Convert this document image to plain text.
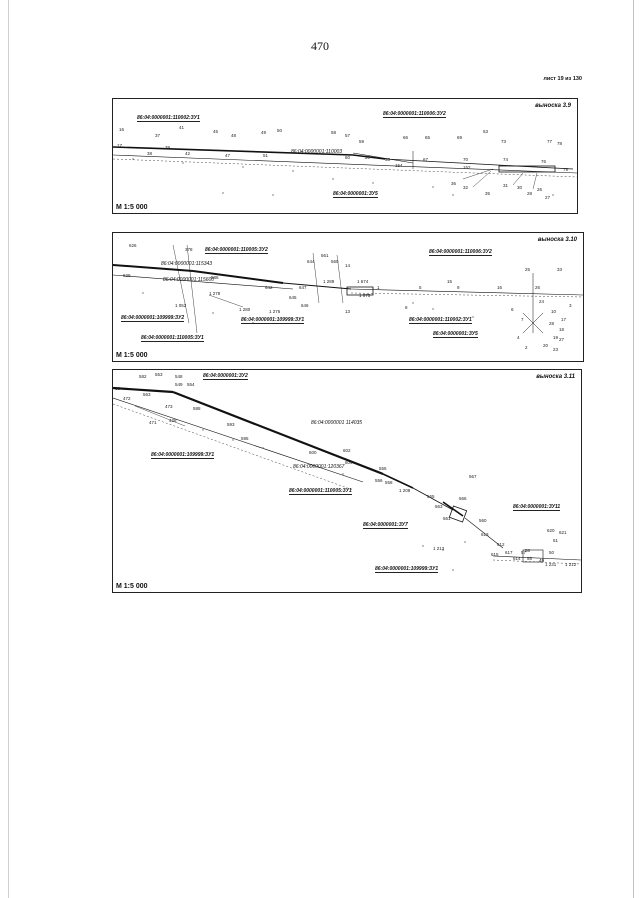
470
лист 19 из 130
выноска 3.9
М 1:5 000
86:04:0000001:110002:ЗУ1
86:04:0000001:110006:ЗУ2
86:04:0000001:ЗУ5
86:04:0000001:110003
16
37
41
45
48
49 50	58
57
59
66	65	69
53
73	77 78
17
38
39
42	47	51	60	67	70	74	76
79
20	33
154	152
32	31 30
28
27
26
36
35
выноска 3.10
М 1:5 000
86:04:0000001:110005:ЗУ2	86:04:0000001:110006:ЗУ2
86:04:0000001:109999:ЗУ2
86:04:0000001:110005:ЗУ1
86:04:0000001:109999:ЗУ1	86:04:0000001:110002:ЗУ1
86:04:0000001:ЗУ5
86:04:0000001:115343
86:04:0000001:115600
626
378
644	560
561
14
13
25	33
629	586
642	647
1 289	1 674
1 675
15
16	26
1 052
1 280	1 276
645
646
1 278
8
9
1	5
6
7
2
3
4
10
17
18
19
20
23
24
27
28
выноска 3.11
М 1:5 000
86:04:0000001:ЗУ2
86:04:0000001:109999:ЗУ1
86:04:0000001:110005:ЗУ1
86:04:0000001:ЗУ7
86:04:0000001:ЗУ11
86:04:0000001:109999:ЗУ1
86:04:0000001 114035
86:04:0000001:120367
582 553	548
549 554
18
563
472
473
471	428
588
593
595
600	602
604
555
556 558
1 208
567
565	566
563
561	560
613
1 213
612
615 617
614
57
58
56 49
620 621
51
50
1 231 1 212
